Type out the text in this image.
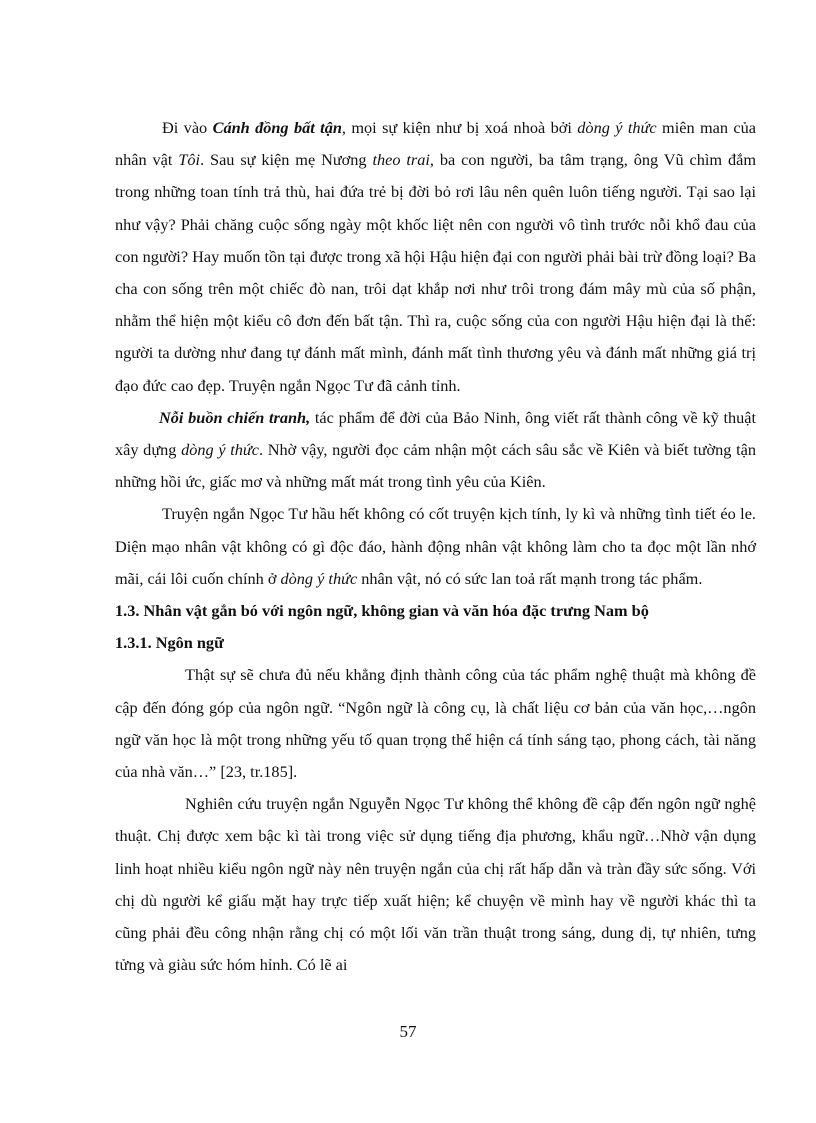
Đi vào Cánh đồng bất tận, mọi sự kiện như bị xoá nhoà bởi dòng ý thức miên man của nhân vật Tôi. Sau sự kiện mẹ Nương theo trai, ba con người, ba tâm trạng, ông Vũ chìm đắm trong những toan tính trả thù, hai đứa trẻ bị đời bỏ rơi lâu nên quên luôn tiếng người. Tại sao lại như vậy? Phải chăng cuộc sống ngày một khốc liệt nên con người vô tình trước nỗi khổ đau của con người? Hay muốn tồn tại được trong xã hội Hậu hiện đại con người phải bài trừ đồng loại? Ba cha con sống trên một chiếc đò nan, trôi dạt khắp nơi như trôi trong đám mây mù của số phận, nhằm thể hiện một kiểu cô đơn đến bất tận. Thì ra, cuộc sống của con người Hậu hiện đại là thế: người ta dường như đang tự đánh mất mình, đánh mất tình thương yêu và đánh mất những giá trị đạo đức cao đẹp. Truyện ngắn Ngọc Tư đã cảnh tỉnh.

Nỗi buồn chiến tranh, tác phẩm để đời của Bảo Ninh, ông viết rất thành công về kỹ thuật xây dựng dòng ý thức. Nhờ vậy, người đọc cảm nhận một cách sâu sắc về Kiên và biết tường tận những hồi ức, giấc mơ và những mất mát trong tình yêu của Kiên.

Truyện ngắn Ngọc Tư hầu hết không có cốt truyện kịch tính, ly kì và những tình tiết éo le. Diện mạo nhân vật không có gì độc đáo, hành động nhân vật không làm cho ta đọc một lần nhớ mãi, cái lôi cuốn chính ở dòng ý thức nhân vật, nó có sức lan toả rất mạnh trong tác phẩm.

1.3. Nhân vật gắn bó với ngôn ngữ, không gian và văn hóa đặc trưng Nam bộ
1.3.1. Ngôn ngữ

Thật sự sẽ chưa đủ nếu khẳng định thành công của tác phẩm nghệ thuật mà không đề cập đến đóng góp của ngôn ngữ. “Ngôn ngữ là công cụ, là chất liệu cơ bản của văn học,…ngôn ngữ văn học là một trong những yếu tố quan trọng thể hiện cá tính sáng tạo, phong cách, tài năng của nhà văn…” [23, tr.185].

Nghiên cứu truyện ngắn Nguyễn Ngọc Tư không thể không đề cập đến ngôn ngữ nghệ thuật. Chị được xem bậc kì tài trong việc sử dụng tiếng địa phương, khẩu ngữ…Nhờ vận dụng linh hoạt nhiều kiểu ngôn ngữ này nên truyện ngắn của chị rất hấp dẫn và tràn đầy sức sống. Với chị dù người kể giấu mặt hay trực tiếp xuất hiện; kể chuyện về mình hay về người khác thì ta cũng phải đều công nhận rằng chị có một lối văn trần thuật trong sáng, dung dị, tự nhiên, tưng tửng và giàu sức hóm hỉnh. Có lẽ ai

57
